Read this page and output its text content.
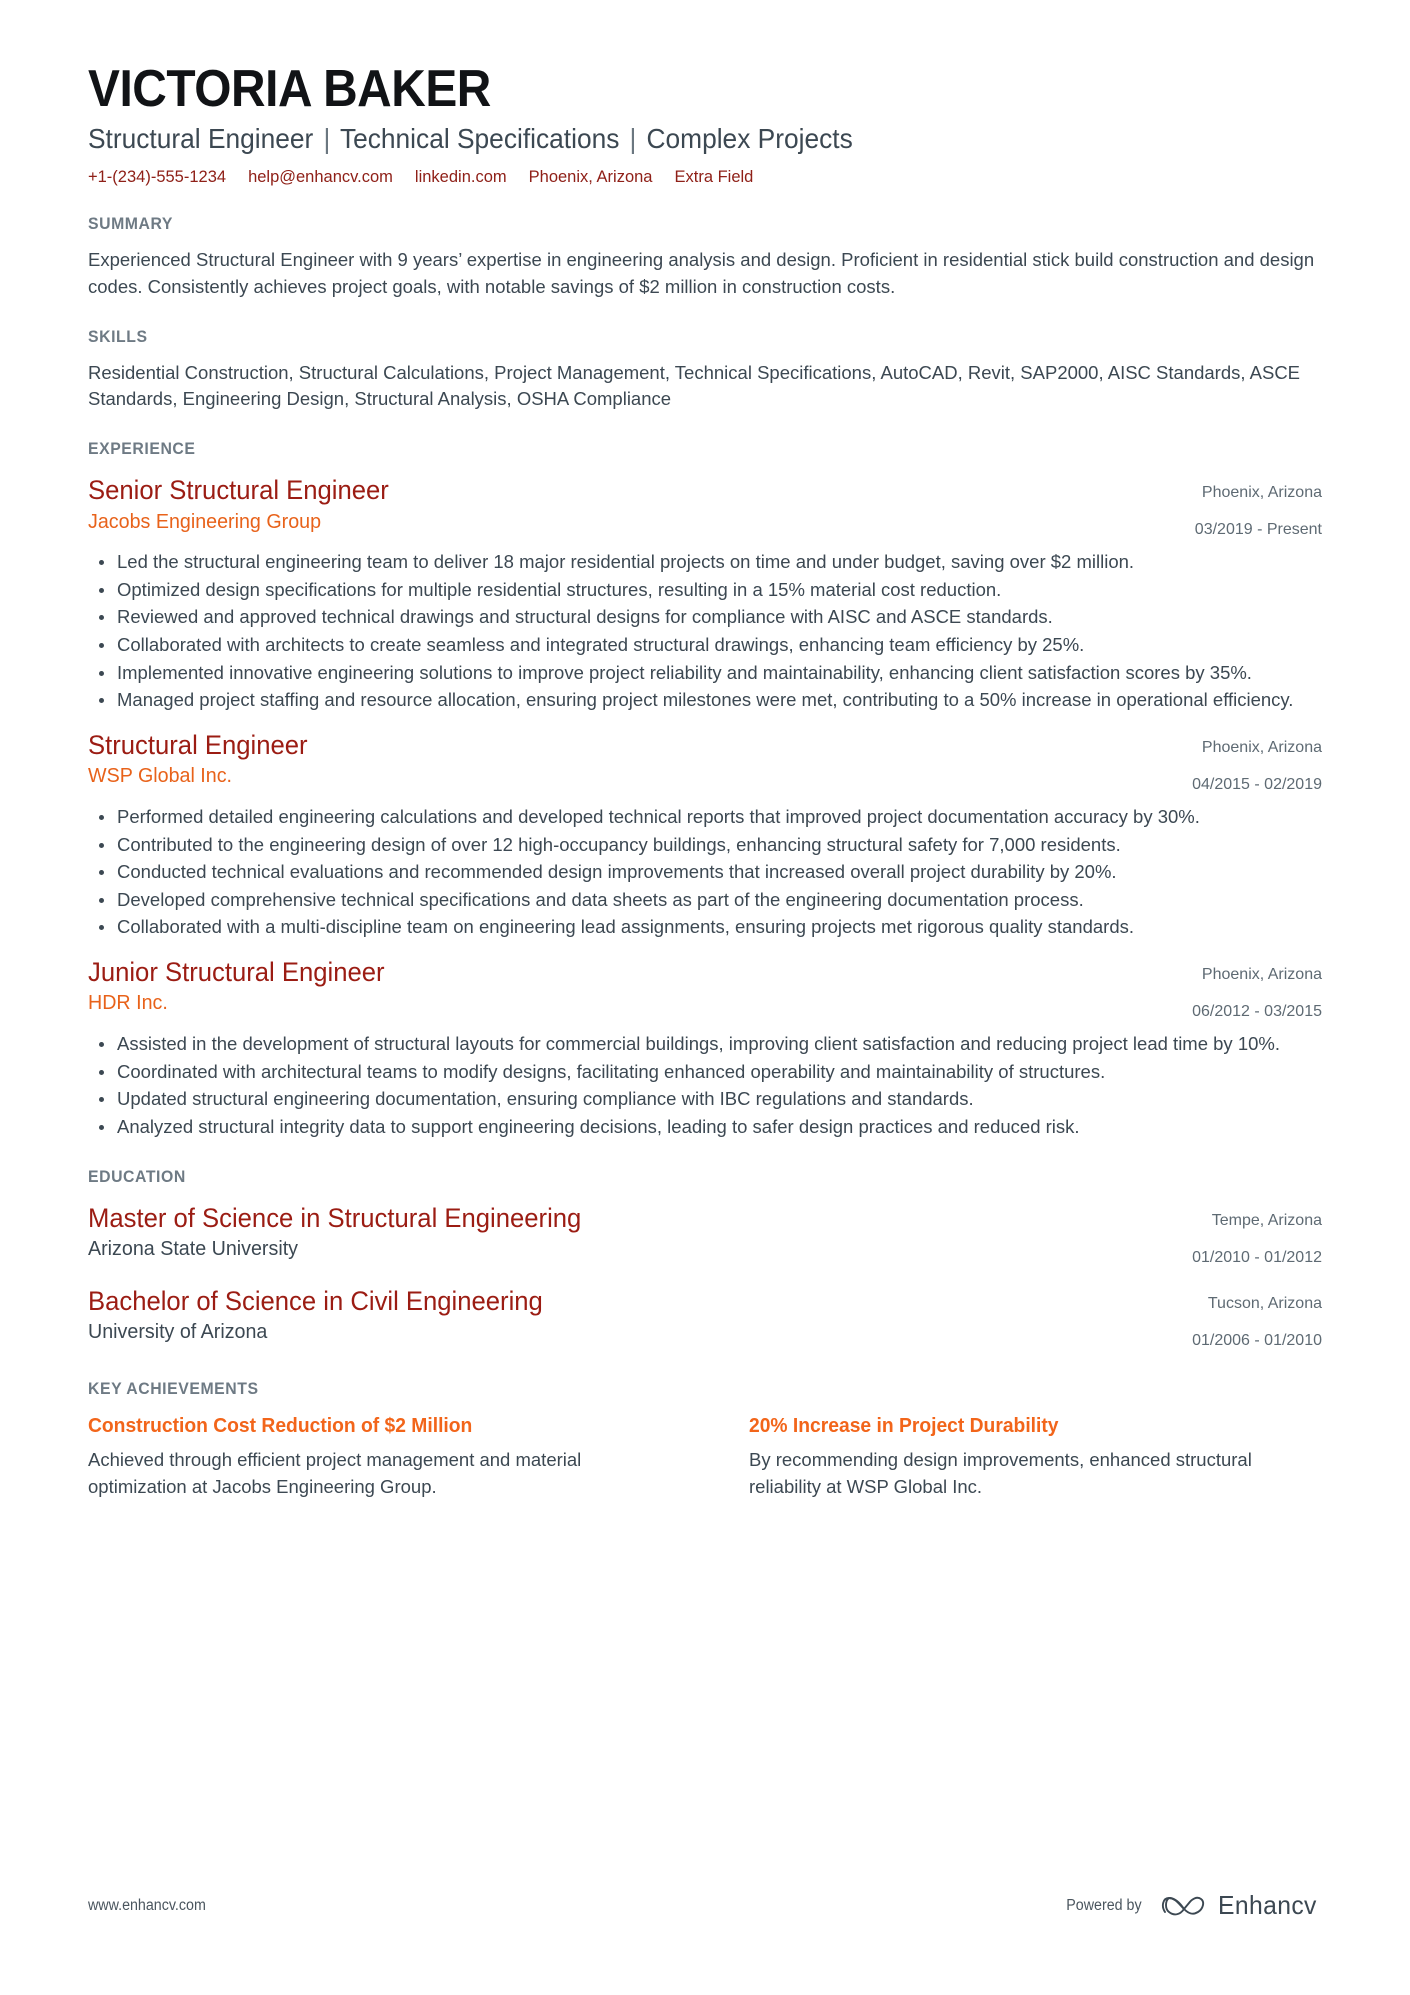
VICTORIA BAKER
Structural Engineer | Technical Specifications | Complex Projects
+1-(234)-555-1234 help@enhancv.com linkedin.com Phoenix, Arizona Extra Field
SUMMARY

Experienced Structural Engineer with 9 years’ expertise in engineering analysis and design. Proficient in residential stick build construction and design codes. Consistently achieves project goals, with notable savings of $2 million in construction costs.

SKILLS

Residential Construction, Structural Calculations, Project Management, Technical Specifications, AutoCAD, Revit, SAP2000, AISC Standards, ASCE Standards, Engineering Design, Structural Analysis, OSHA Compliance

EXPERIENCE
Senior Structural Engineer
Jacobs Engineering Group
Phoenix, Arizona
03/2019 - Present
Led the structural engineering team to deliver 18 major residential projects on time and under budget, saving over $2 million.
Optimized design specifications for multiple residential structures, resulting in a 15% material cost reduction.
Reviewed and approved technical drawings and structural designs for compliance with AISC and ASCE standards.
Collaborated with architects to create seamless and integrated structural drawings, enhancing team efficiency by 25%.
Implemented innovative engineering solutions to improve project reliability and maintainability, enhancing client satisfaction scores by 35%.
Managed project staffing and resource allocation, ensuring project milestones were met, contributing to a 50% increase in operational efficiency.
Structural Engineer
WSP Global Inc.
Phoenix, Arizona
04/2015 - 02/2019
Performed detailed engineering calculations and developed technical reports that improved project documentation accuracy by 30%.
Contributed to the engineering design of over 12 high-occupancy buildings, enhancing structural safety for 7,000 residents.
Conducted technical evaluations and recommended design improvements that increased overall project durability by 20%.
Developed comprehensive technical specifications and data sheets as part of the engineering documentation process.
Collaborated with a multi-discipline team on engineering lead assignments, ensuring projects met rigorous quality standards.
Junior Structural Engineer
HDR Inc.
Phoenix, Arizona
06/2012 - 03/2015
Assisted in the development of structural layouts for commercial buildings, improving client satisfaction and reducing project lead time by 10%.
Coordinated with architectural teams to modify designs, facilitating enhanced operability and maintainability of structures.
Updated structural engineering documentation, ensuring compliance with IBC regulations and standards.
Analyzed structural integrity data to support engineering decisions, leading to safer design practices and reduced risk.
EDUCATION
Master of Science in Structural Engineering
Arizona State University
Tempe, Arizona
01/2010 - 01/2012
Bachelor of Science in Civil Engineering
University of Arizona
Tucson, Arizona
01/2006 - 01/2010
KEY ACHIEVEMENTS
Construction Cost Reduction of $2 Million
Achieved through efficient project management and material optimization at Jacobs Engineering Group.
20% Increase in Project Durability
By recommending design improvements, enhanced structural reliability at WSP Global Inc.
www.enhancv.com	Powered by	Enhancv
